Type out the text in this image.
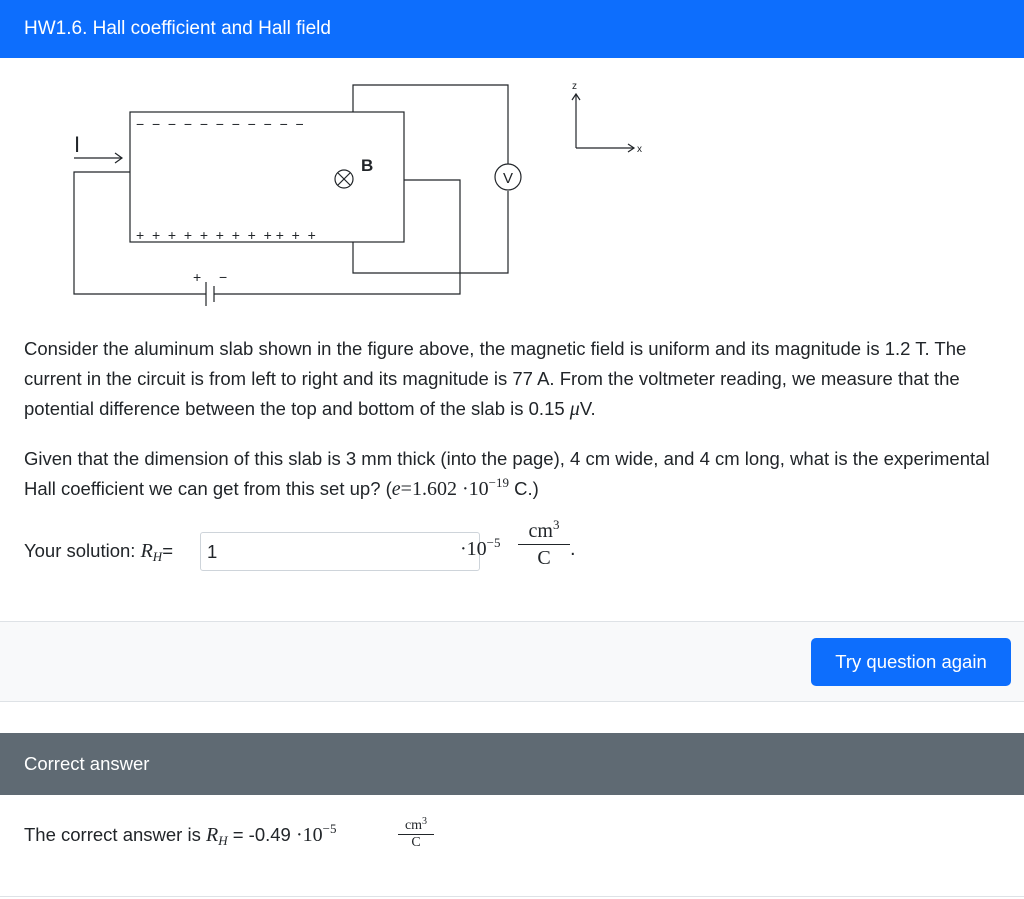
HW1.6. Hall coefficient and Hall field
I
B
V
z
x
+ −
−  −  −  −  −  −  −  −  −  −  −
+  +  +  +  +  +  +  +  + +  +  +
Consider the aluminum slab shown in the figure above, the magnetic field is uniform and its magnitude is 1.2 T. The current in the circuit is from left to right and its magnitude is 77 A. From the voltmeter reading, we measure that the potential difference between the top and bottom of the slab is 0.15 μV.
Given that the dimension of this slab is 3 mm thick (into the page), 4 cm wide, and 4 cm long, what is the experimental Hall coefficient we can get from this set up? ($e=1.602 \cdot 10^{-19}$ C.)
Your solution: $R_H=$
1	$\cdot 10^{-5} \frac{cm^3}{C}$ .
Try question again
Correct answer
The correct answer is $R_H = -0.49 \cdot 10^{-5}$	$\frac{cm^3}{C}$
